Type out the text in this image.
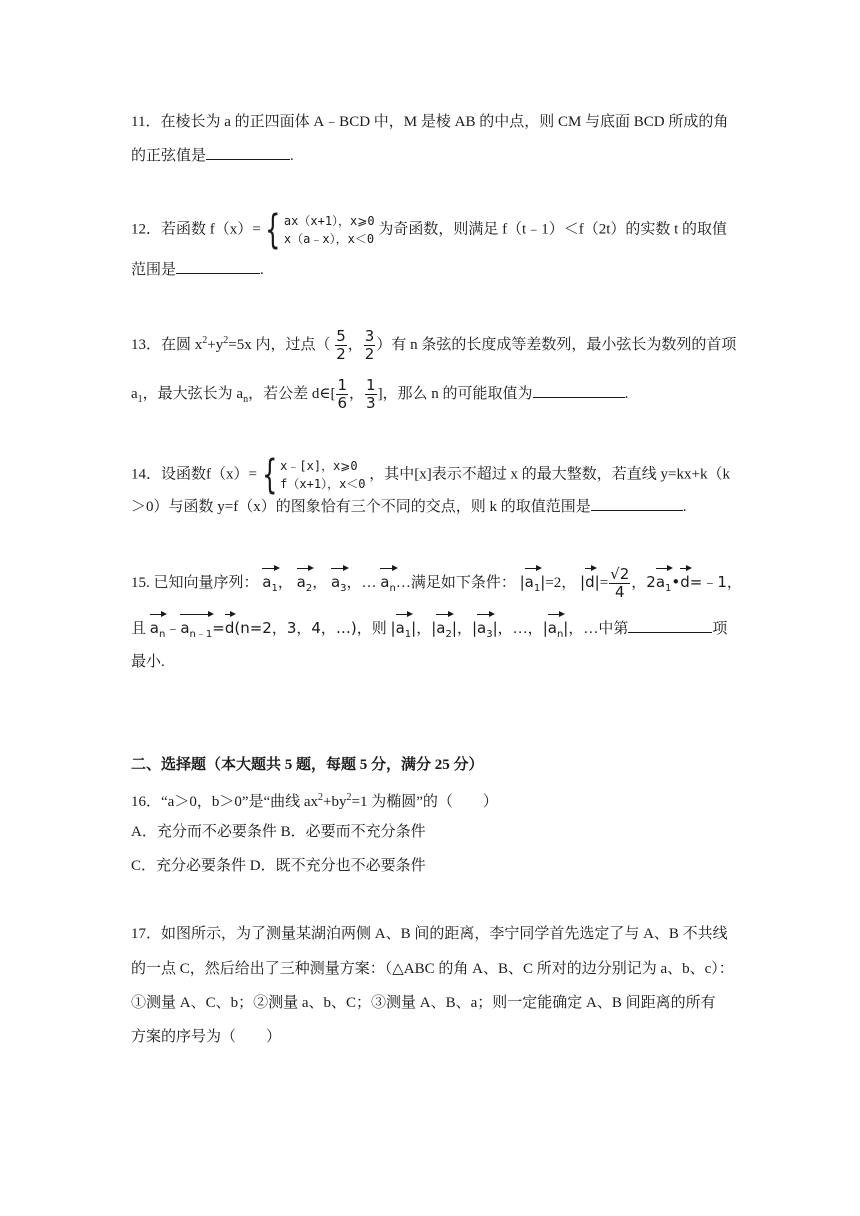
11．在棱长为 a 的正四面体 A﹣BCD 中，M 是棱 AB 的中点，则 CM 与底面 BCD 所成的角
的正弦值是	.
12．若函数 f（x）= { ax（x+1），x⩾0
x（a﹣x），x＜0
为奇函数，则满足 f（t﹣1）＜f（2t）的实数 t 的取值
范围是	.
13．在圆 $x^2+y^2=5x$ 内，过点（ $\frac{5}{2}$ ， $\frac{3}{2}$ ）有 n 条弦的长度成等差数列，最小弦长为数列的首项
$a_1$，最大弦长为 $a_n$，若公差 d∈[ $\frac{1}{6}$ ， $\frac{1}{3}$ ]，那么 n 的可能取值为	.
14．设函数f（x）= { x﹣[x]，x⩾0
f（x+1），x＜0
，其中[x]表示不超过 x 的最大整数，若直线 y=kx+k（k
＞0）与函数 y=f（x）的图象恰有三个不同的交点，则 k 的取值范围是	.
15. 已知向量序列： $a_1$， $a_2$， $a_3$，… $a_n\dots$满足如下条件： $|a_1|=2$， $|d|= \frac{√2}{4}$ ，$2a_1•d=﹣1$，
且 $a_n﹣a_{n﹣1}=d(n=2$，3，4，…)，则 $|a_1|$，$|a_2|$，$|a_3|$，…，$|a_n|$，…中第	项
最小.
二、选择题（本大题共 5 题，每题 5 分，满分 25 分）
16．“a＞0，b＞0”是“曲线 $ax^2+by^2=1$ 为椭圆”的（　　）
A．充分而不必要条件 B．必要而不充分条件
C．充分必要条件 D．既不充分也不必要条件
17．如图所示，为了测量某湖泊两侧 A、B 间的距离，李宁同学首先选定了与 A、B 不共线
的一点 C，然后给出了三种测量方案：（△ABC 的角 A、B、C 所对的边分别记为 a、b、c）：
①测量 A、C、b；②测量 a、b、C；③测量 A、B、a；则一定能确定 A、B 间距离的所有
方案的序号为（　　）
